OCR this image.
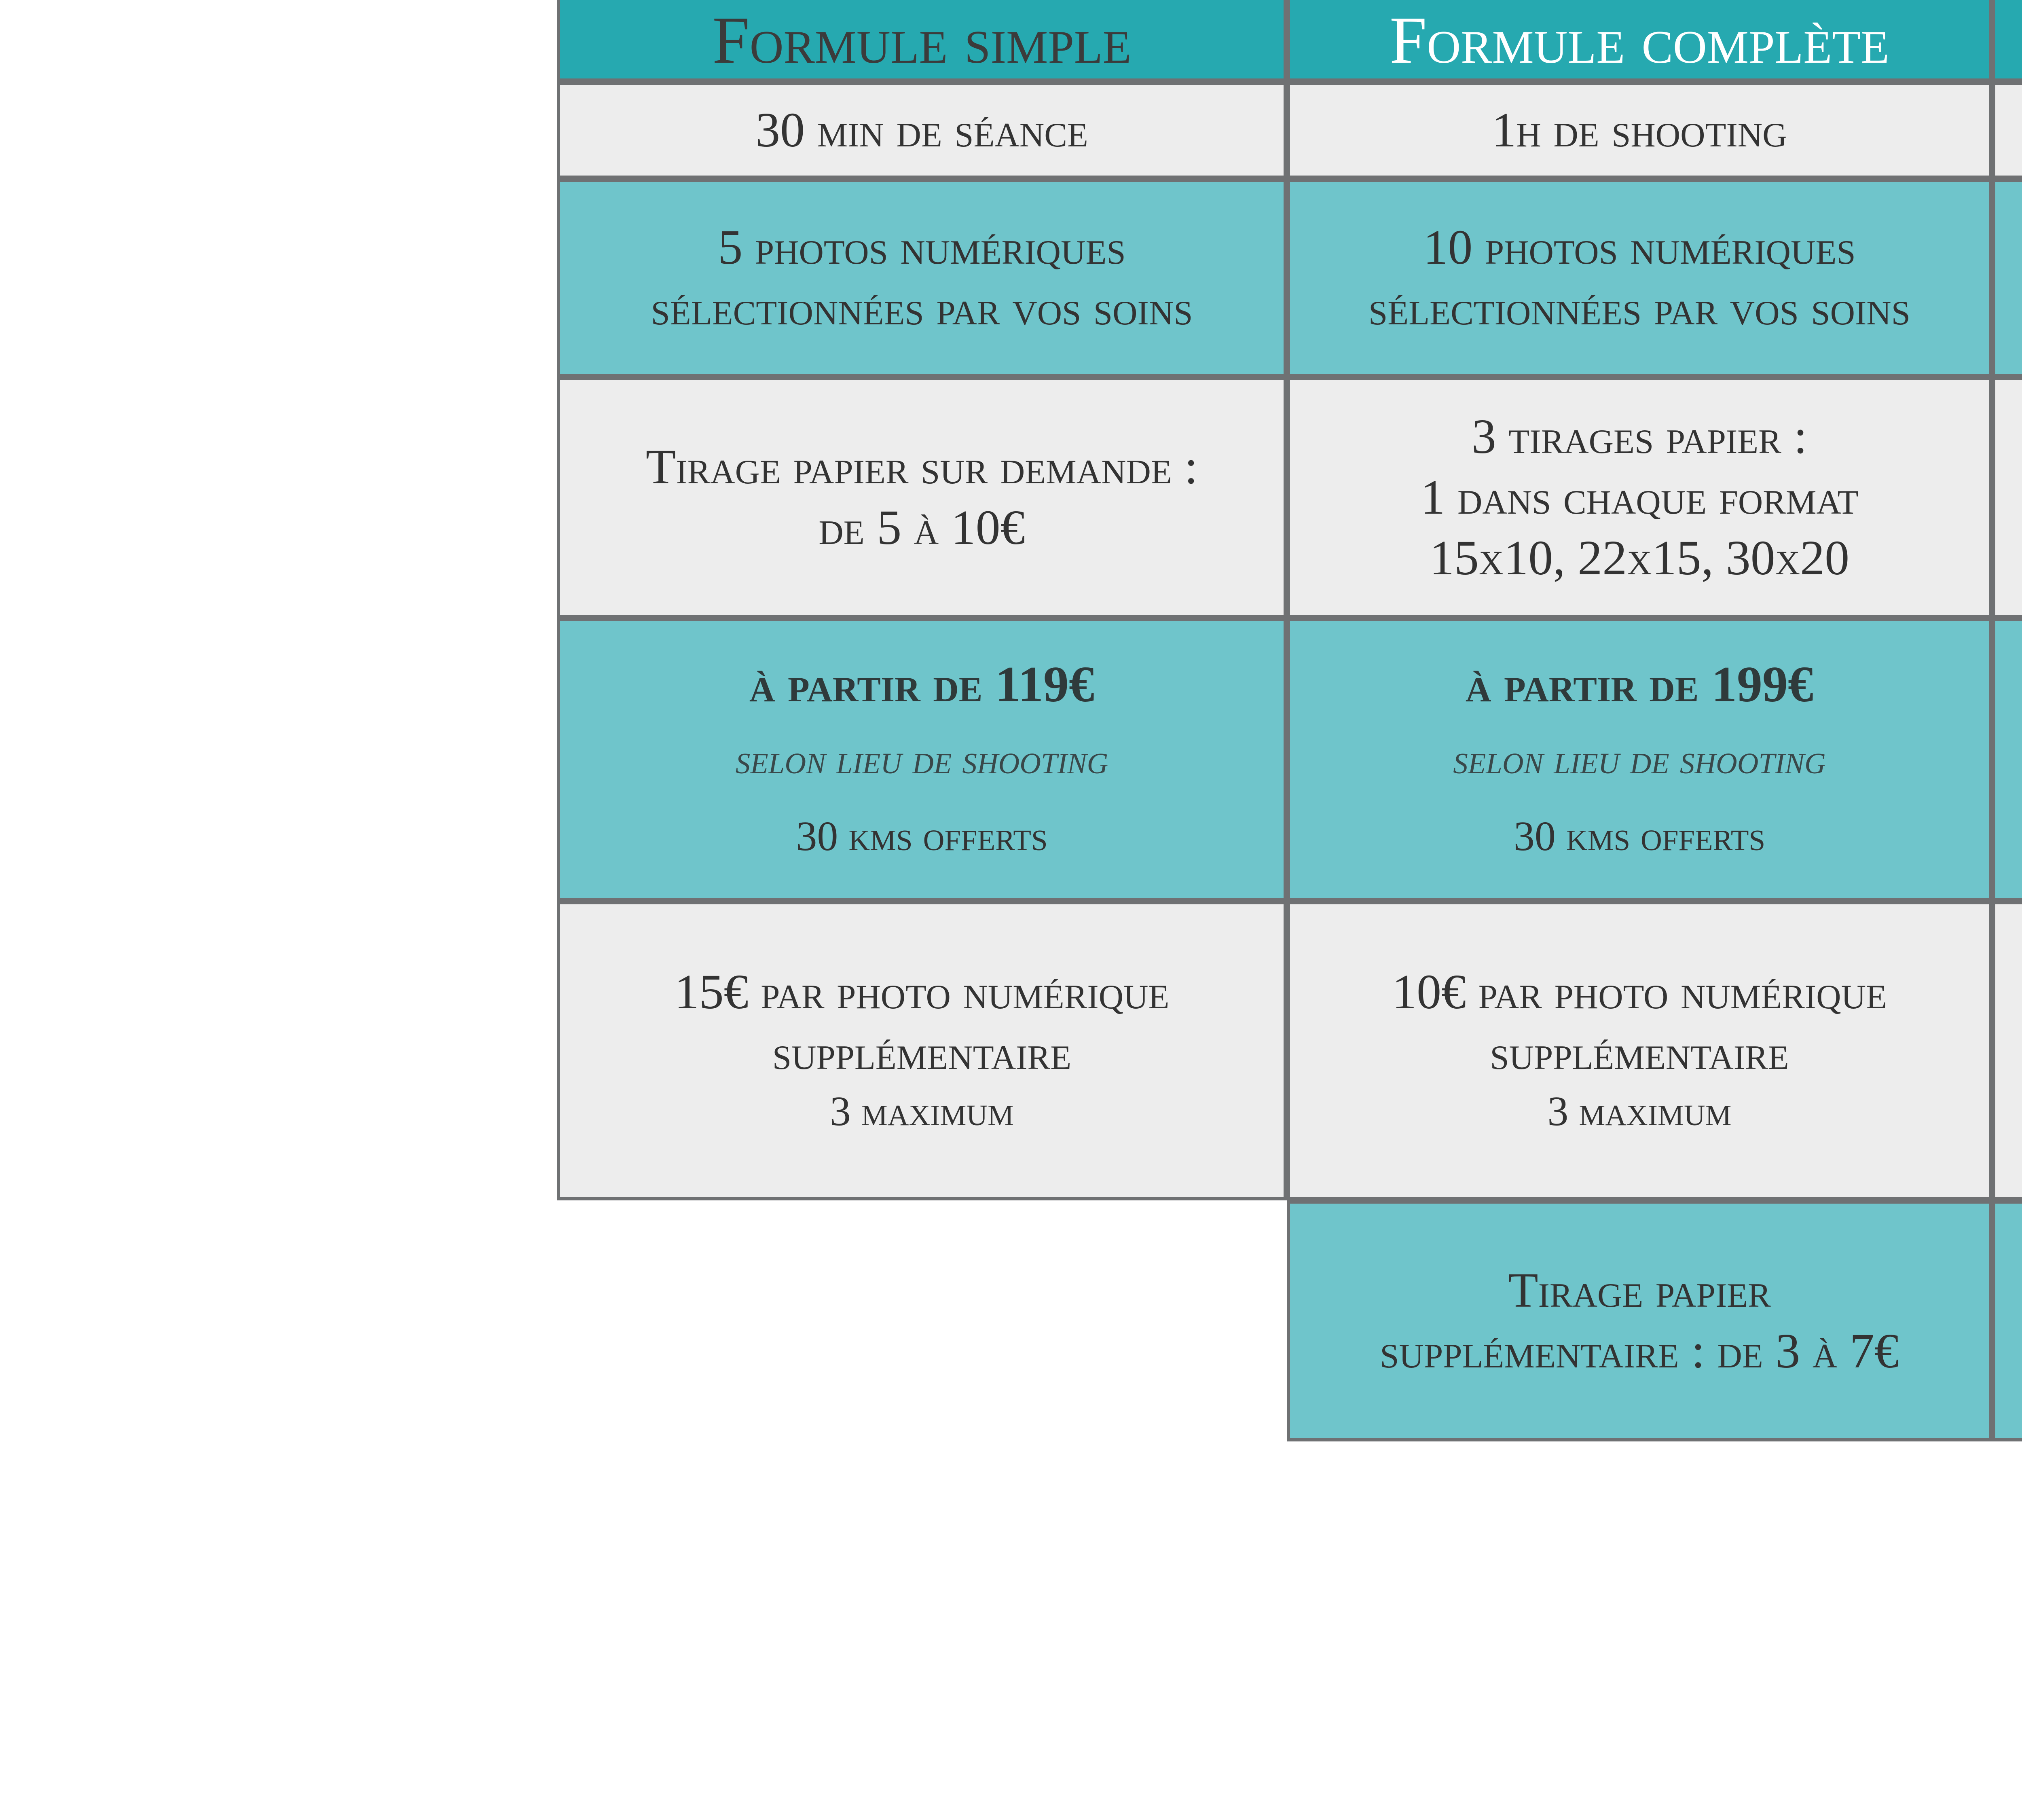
Formule simple
30 min de séance
5 photos numériques
sélectionnées par vos soins
Tirage papier sur demande :
de 5 à 10€
à partir de 119€
selon lieu de shooting
30 kms offerts
15€ par photo numérique
supplémentaire
3 maximum
Formule complète
1h de shooting
10 photos numériques
sélectionnées par vos soins
3 tirages papier :
1 dans chaque format
15x10, 22x15, 30x20
à partir de 199€
selon lieu de shooting
30 kms offerts
10€ par photo numérique
supplémentaire
3 maximum
Tirage papier
supplémentaire : de 3 à 7€
